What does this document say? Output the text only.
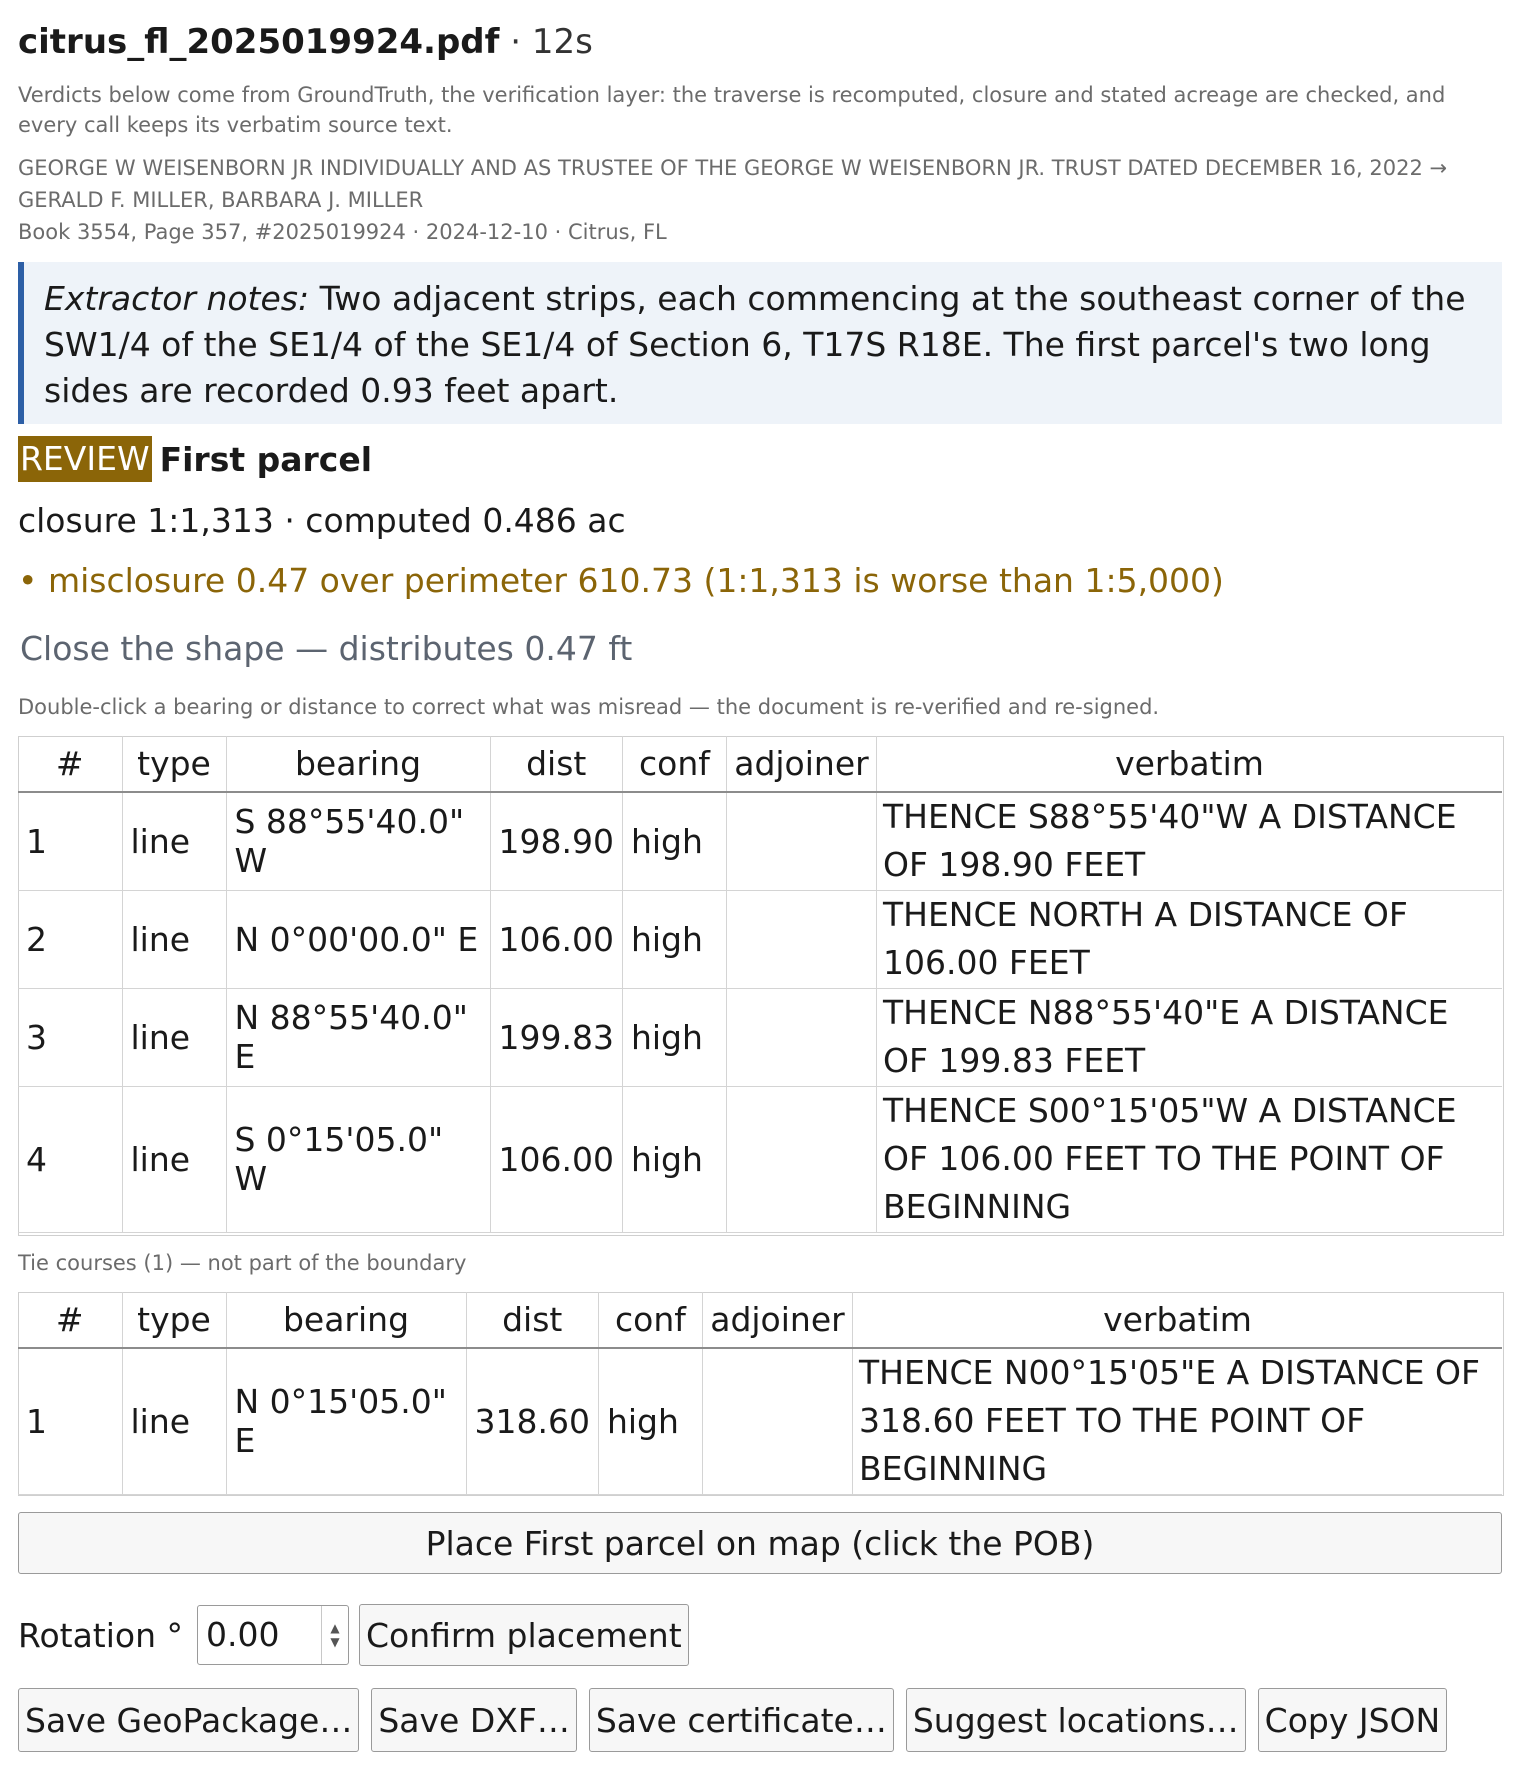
citrus_fl_2025019924.pdf · 12s
Verdicts below come from GroundTruth, the verification layer: the traverse is recomputed, closure and stated acreage are checked, and every call keeps its verbatim source text.
GEORGE W WEISENBORN JR INDIVIDUALLY AND AS TRUSTEE OF THE GEORGE W WEISENBORN JR. TRUST DATED DECEMBER 16, 2022 → GERALD F. MILLER, BARBARA J. MILLER
Book 3554, Page 357, #2025019924 · 2024-12-10 · Citrus, FL
Extractor notes: Two adjacent strips, each commencing at the southeast corner of the SW1/4 of the SE1/4 of the SE1/4 of Section 6, T17S R18E. The first parcel's two long sides are recorded 0.93 feet apart.
REVIEW First parcel
closure 1:1,313 · computed 0.486 ac
• misclosure 0.47 over perimeter 610.73 (1:1,313 is worse than 1:5,000)
Close the shape — distributes 0.47 ft
Double-click a bearing or distance to correct what was misread — the document is re-verified and re-signed.
#	type	bearing	dist	conf	adjoiner	verbatim
1	line	S 88°55'40.0" W	198.90	high		THENCE S88°55'40"W A DISTANCE OF 198.90 FEET
2	line	N 0°00'00.0" E	106.00	high		THENCE NORTH A DISTANCE OF 106.00 FEET
3	line	N 88°55'40.0" E	199.83	high		THENCE N88°55'40"E A DISTANCE OF 199.83 FEET
4	line	S 0°15'05.0" W	106.00	high		THENCE S00°15'05"W A DISTANCE OF 106.00 FEET TO THE POINT OF BEGINNING
Tie courses (1) — not part of the boundary
#	type	bearing	dist	conf	adjoiner	verbatim
1	line	N 0°15'05.0" E	318.60	high		THENCE N00°15'05"E A DISTANCE OF 318.60 FEET TO THE POINT OF BEGINNING
Place First parcel on map (click the POB)
Rotation ° 0.00	▲
▼ Confirm placement
Save GeoPackage… Save DXF… Save certificate… Suggest locations… Copy JSON
